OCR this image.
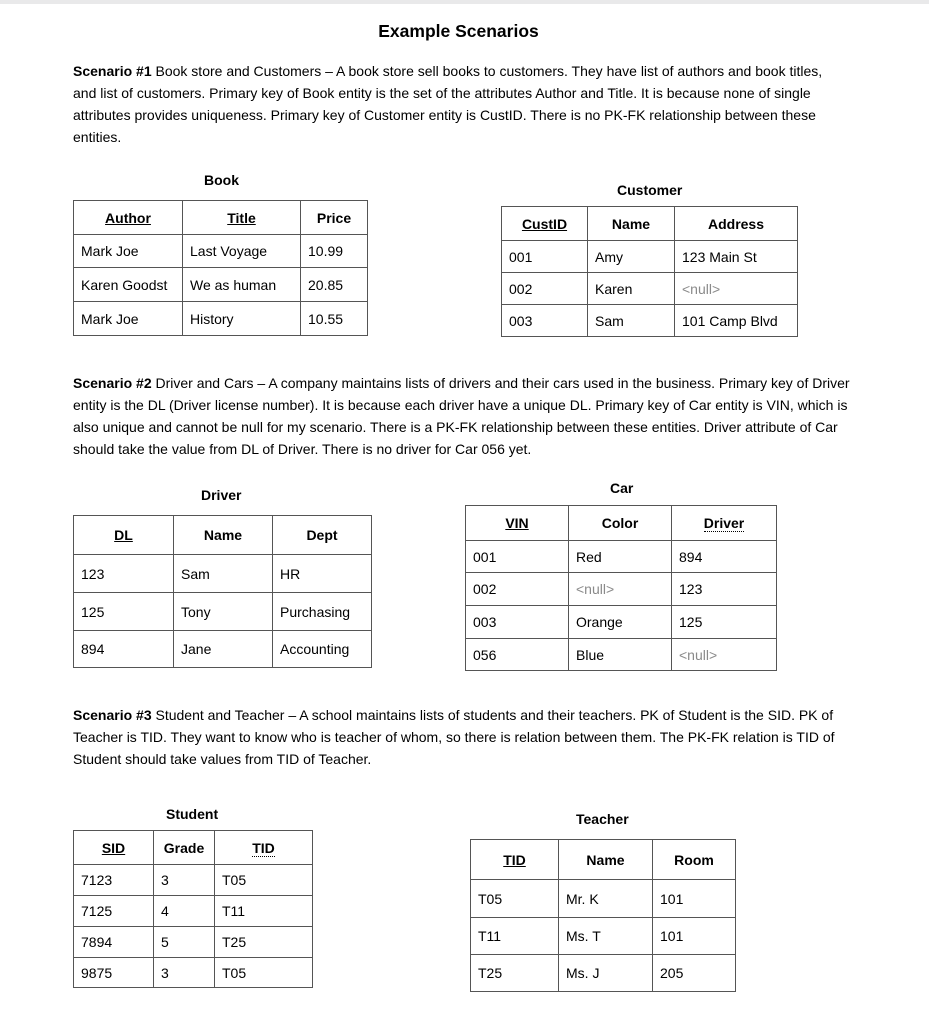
Example Scenarios
Scenario #1 Book store and Customers – A book store sell books to customers. They have list of authors and book titles, and list of customers. Primary key of Book entity is the set of the attributes Author and Title. It is because none of single attributes provides uniqueness. Primary key of Customer entity is CustID. There is no PK-FK relationship between these entities.
Book
Author	Title	Price
Mark Joe	Last Voyage	10.99
Karen Goodst	We as human	20.85
Mark Joe	History	10.55
Customer
CustID	Name	Address
001	Amy	123 Main St
002	Karen	<null>
003	Sam	101 Camp Blvd
Scenario #2 Driver and Cars – A company maintains lists of drivers and their cars used in the business. Primary key of Driver entity is the DL (Driver license number). It is because each driver have a unique DL. Primary key of Car entity is VIN, which is also unique and cannot be null for my scenario. There is a PK-FK relationship between these entities. Driver attribute of Car should take the value from DL of Driver. There is no driver for Car 056 yet.
Driver
DL	Name	Dept
123	Sam	HR
125	Tony	Purchasing
894	Jane	Accounting
Car
VIN	Color	Driver
001	Red	894
002	<null>	123
003	Orange	125
056	Blue	<null>
Scenario #3 Student and Teacher – A school maintains lists of students and their teachers. PK of Student is the SID. PK of Teacher is TID. They want to know who is teacher of whom, so there is relation between them. The PK-FK relation is TID of Student should take values from TID of Teacher.
Student
SID	Grade	TID
7123	3	T05
7125	4	T11
7894	5	T25
9875	3	T05
Teacher
TID	Name	Room
T05	Mr. K	101
T11	Ms. T	101
T25	Ms. J	205
